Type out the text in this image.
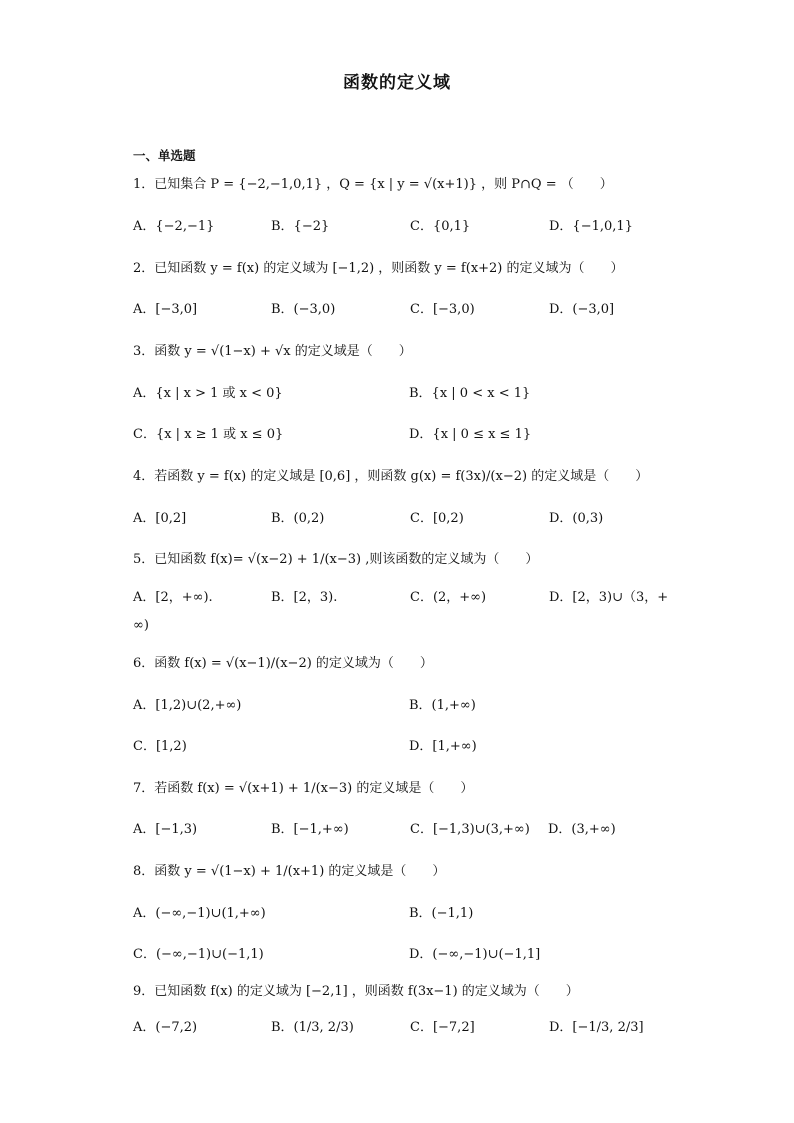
函数的定义域
一、单选题
1．已知集合 P = {−2,−1,0,1} ，Q = {x | y = √(x+1)} ，则 P∩Q = （　　）
A．{−2,−1}	B．{−2}	C．{0,1}	D．{−1,0,1}
2．已知函数 y = f(x) 的定义域为 [−1,2) ，则函数 y = f(x+2) 的定义域为（　　）
A．[−3,0]	B．(−3,0)	C．[−3,0)	D．(−3,0]
3．函数 y = √(1−x) + √x 的定义域是（　　）
A．{x | x > 1 或 x < 0}	B．{x | 0 < x < 1}
C．{x | x ≥ 1 或 x ≤ 0}	D．{x | 0 ≤ x ≤ 1}
4．若函数 y = f(x) 的定义域是 [0,6] ，则函数 g(x) = f(3x)/(x−2) 的定义域是（　　）
A．[0,2]	B．(0,2)	C．[0,2)	D．(0,3)
5．已知函数 f(x)= √(x−2) + 1/(x−3) ,则该函数的定义域为（　　）
A．[2，+∞).	B．[2，3).	C．(2，+∞)	D．[2，3)∪（3，+
∞)
6．函数 f(x) = √(x−1)/(x−2) 的定义域为（　　）
A．[1,2)∪(2,+∞)	B．(1,+∞)
C．[1,2)	D．[1,+∞)
7．若函数 f(x) = √(x+1) + 1/(x−3) 的定义域是（　　）
A．[−1,3)	B．[−1,+∞)	C．[−1,3)∪(3,+∞) D．(3,+∞)
8．函数 y = √(1−x) + 1/(x+1) 的定义域是（　　）
A．(−∞,−1)∪(1,+∞)	B．(−1,1)
C．(−∞,−1)∪(−1,1)	D．(−∞,−1)∪(−1,1]
9．已知函数 f(x) 的定义域为 [−2,1] ，则函数 f(3x−1) 的定义域为（　　）
A．(−7,2)	B．(1/3, 2/3)	C．[−7,2]	D．[−1/3, 2/3]
